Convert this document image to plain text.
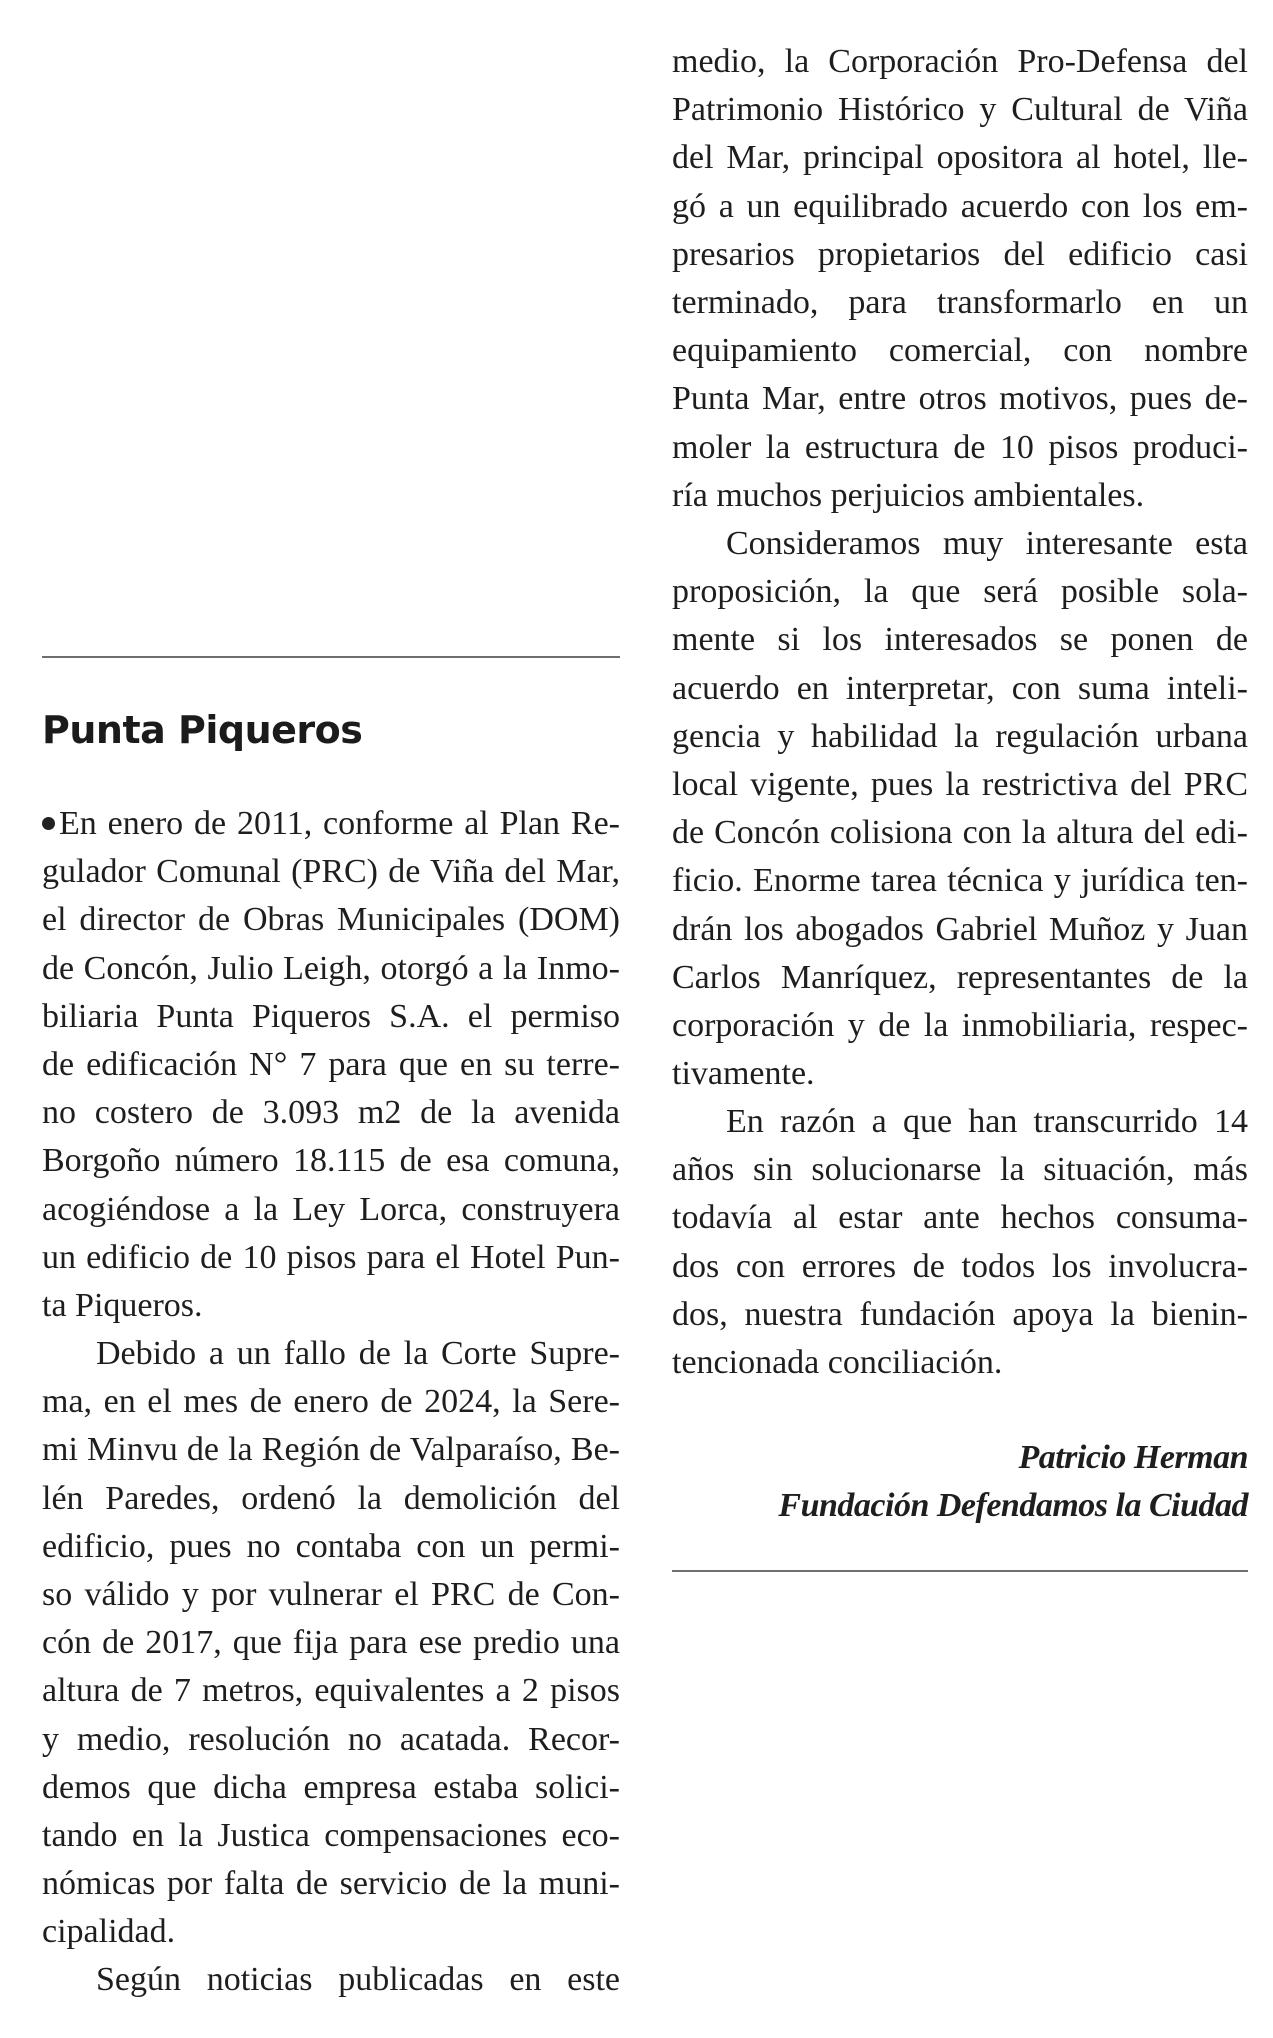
Punta Piqueros
En enero de 2011, conforme al Plan Re-
gulador Comunal (PRC) de Viña del Mar,
el director de Obras Municipales (DOM)
de Concón, Julio Leigh, otorgó a la Inmo-
biliaria Punta Piqueros S.A. el permiso
de edificación N° 7 para que en su terre-
no costero de 3.093 m2 de la avenida
Borgoño número 18.115 de esa comuna,
acogiéndose a la Ley Lorca, construyera
un edificio de 10 pisos para el Hotel Pun-
ta Piqueros.
Debido a un fallo de la Corte Supre-
ma, en el mes de enero de 2024, la Sere-
mi Minvu de la Región de Valparaíso, Be-
lén Paredes, ordenó la demolición del
edificio, pues no contaba con un permi-
so válido y por vulnerar el PRC de Con-
cón de 2017, que fija para ese predio una
altura de 7 metros, equivalentes a 2 pisos
y medio, resolución no acatada. Recor-
demos que dicha empresa estaba solici-
tando en la Justica compensaciones eco-
nómicas por falta de servicio de la muni-
cipalidad.
Según noticias publicadas en este
medio, la Corporación Pro-Defensa del
Patrimonio Histórico y Cultural de Viña
del Mar, principal opositora al hotel, lle-
gó a un equilibrado acuerdo con los em-
presarios propietarios del edificio casi
terminado, para transformarlo en un
equipamiento comercial, con nombre
Punta Mar, entre otros motivos, pues de-
moler la estructura de 10 pisos produci-
ría muchos perjuicios ambientales.
Consideramos muy interesante esta
proposición, la que será posible sola-
mente si los interesados se ponen de
acuerdo en interpretar, con suma inteli-
gencia y habilidad la regulación urbana
local vigente, pues la restrictiva del PRC
de Concón colisiona con la altura del edi-
ficio. Enorme tarea técnica y jurídica ten-
drán los abogados Gabriel Muñoz y Juan
Carlos Manríquez, representantes de la
corporación y de la inmobiliaria, respec-
tivamente.
En razón a que han transcurrido 14
años sin solucionarse la situación, más
todavía al estar ante hechos consuma-
dos con errores de todos los involucra-
dos, nuestra fundación apoya la bienin-
tencionada conciliación.
Patricio Herman
Fundación Defendamos la Ciudad
